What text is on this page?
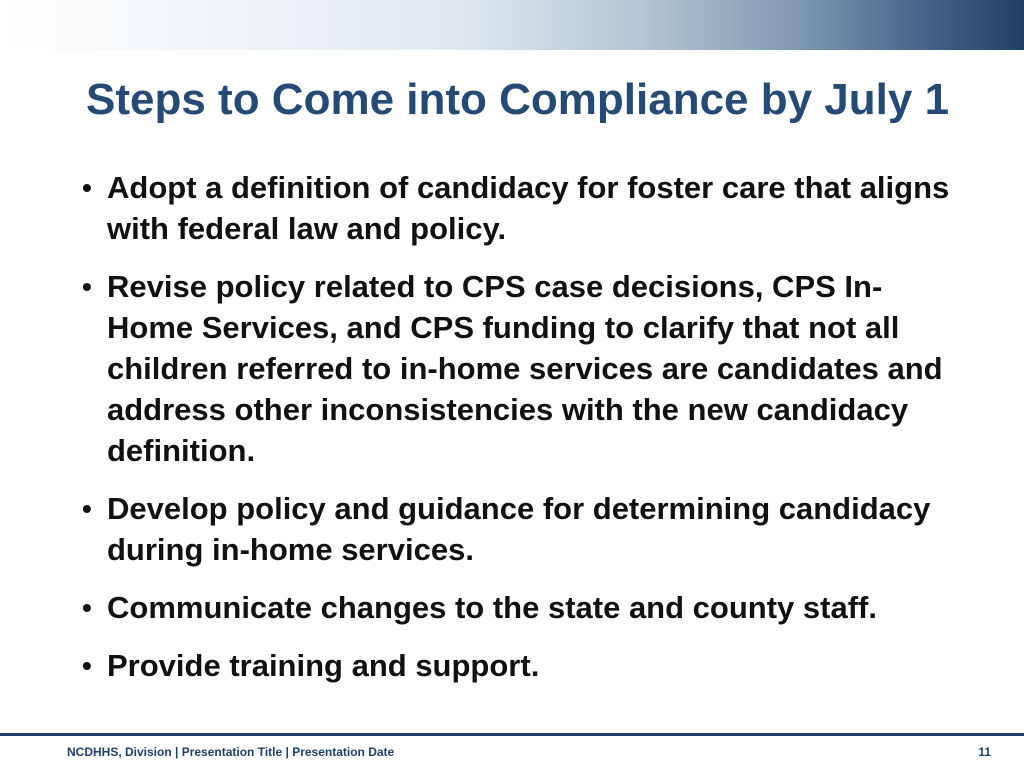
Steps to Come into Compliance by July 1
• Adopt a definition of candidacy for foster care that aligns with federal law and policy.
• Revise policy related to CPS case decisions, CPS In-Home Services, and CPS funding to clarify that not all children referred to in-home services are candidates and address other inconsistencies with the new candidacy definition.
• Develop policy and guidance for determining candidacy during in-home services.
• Communicate changes to the state and county staff.
• Provide training and support.
NCDHHS, Division | Presentation Title | Presentation Date	11
